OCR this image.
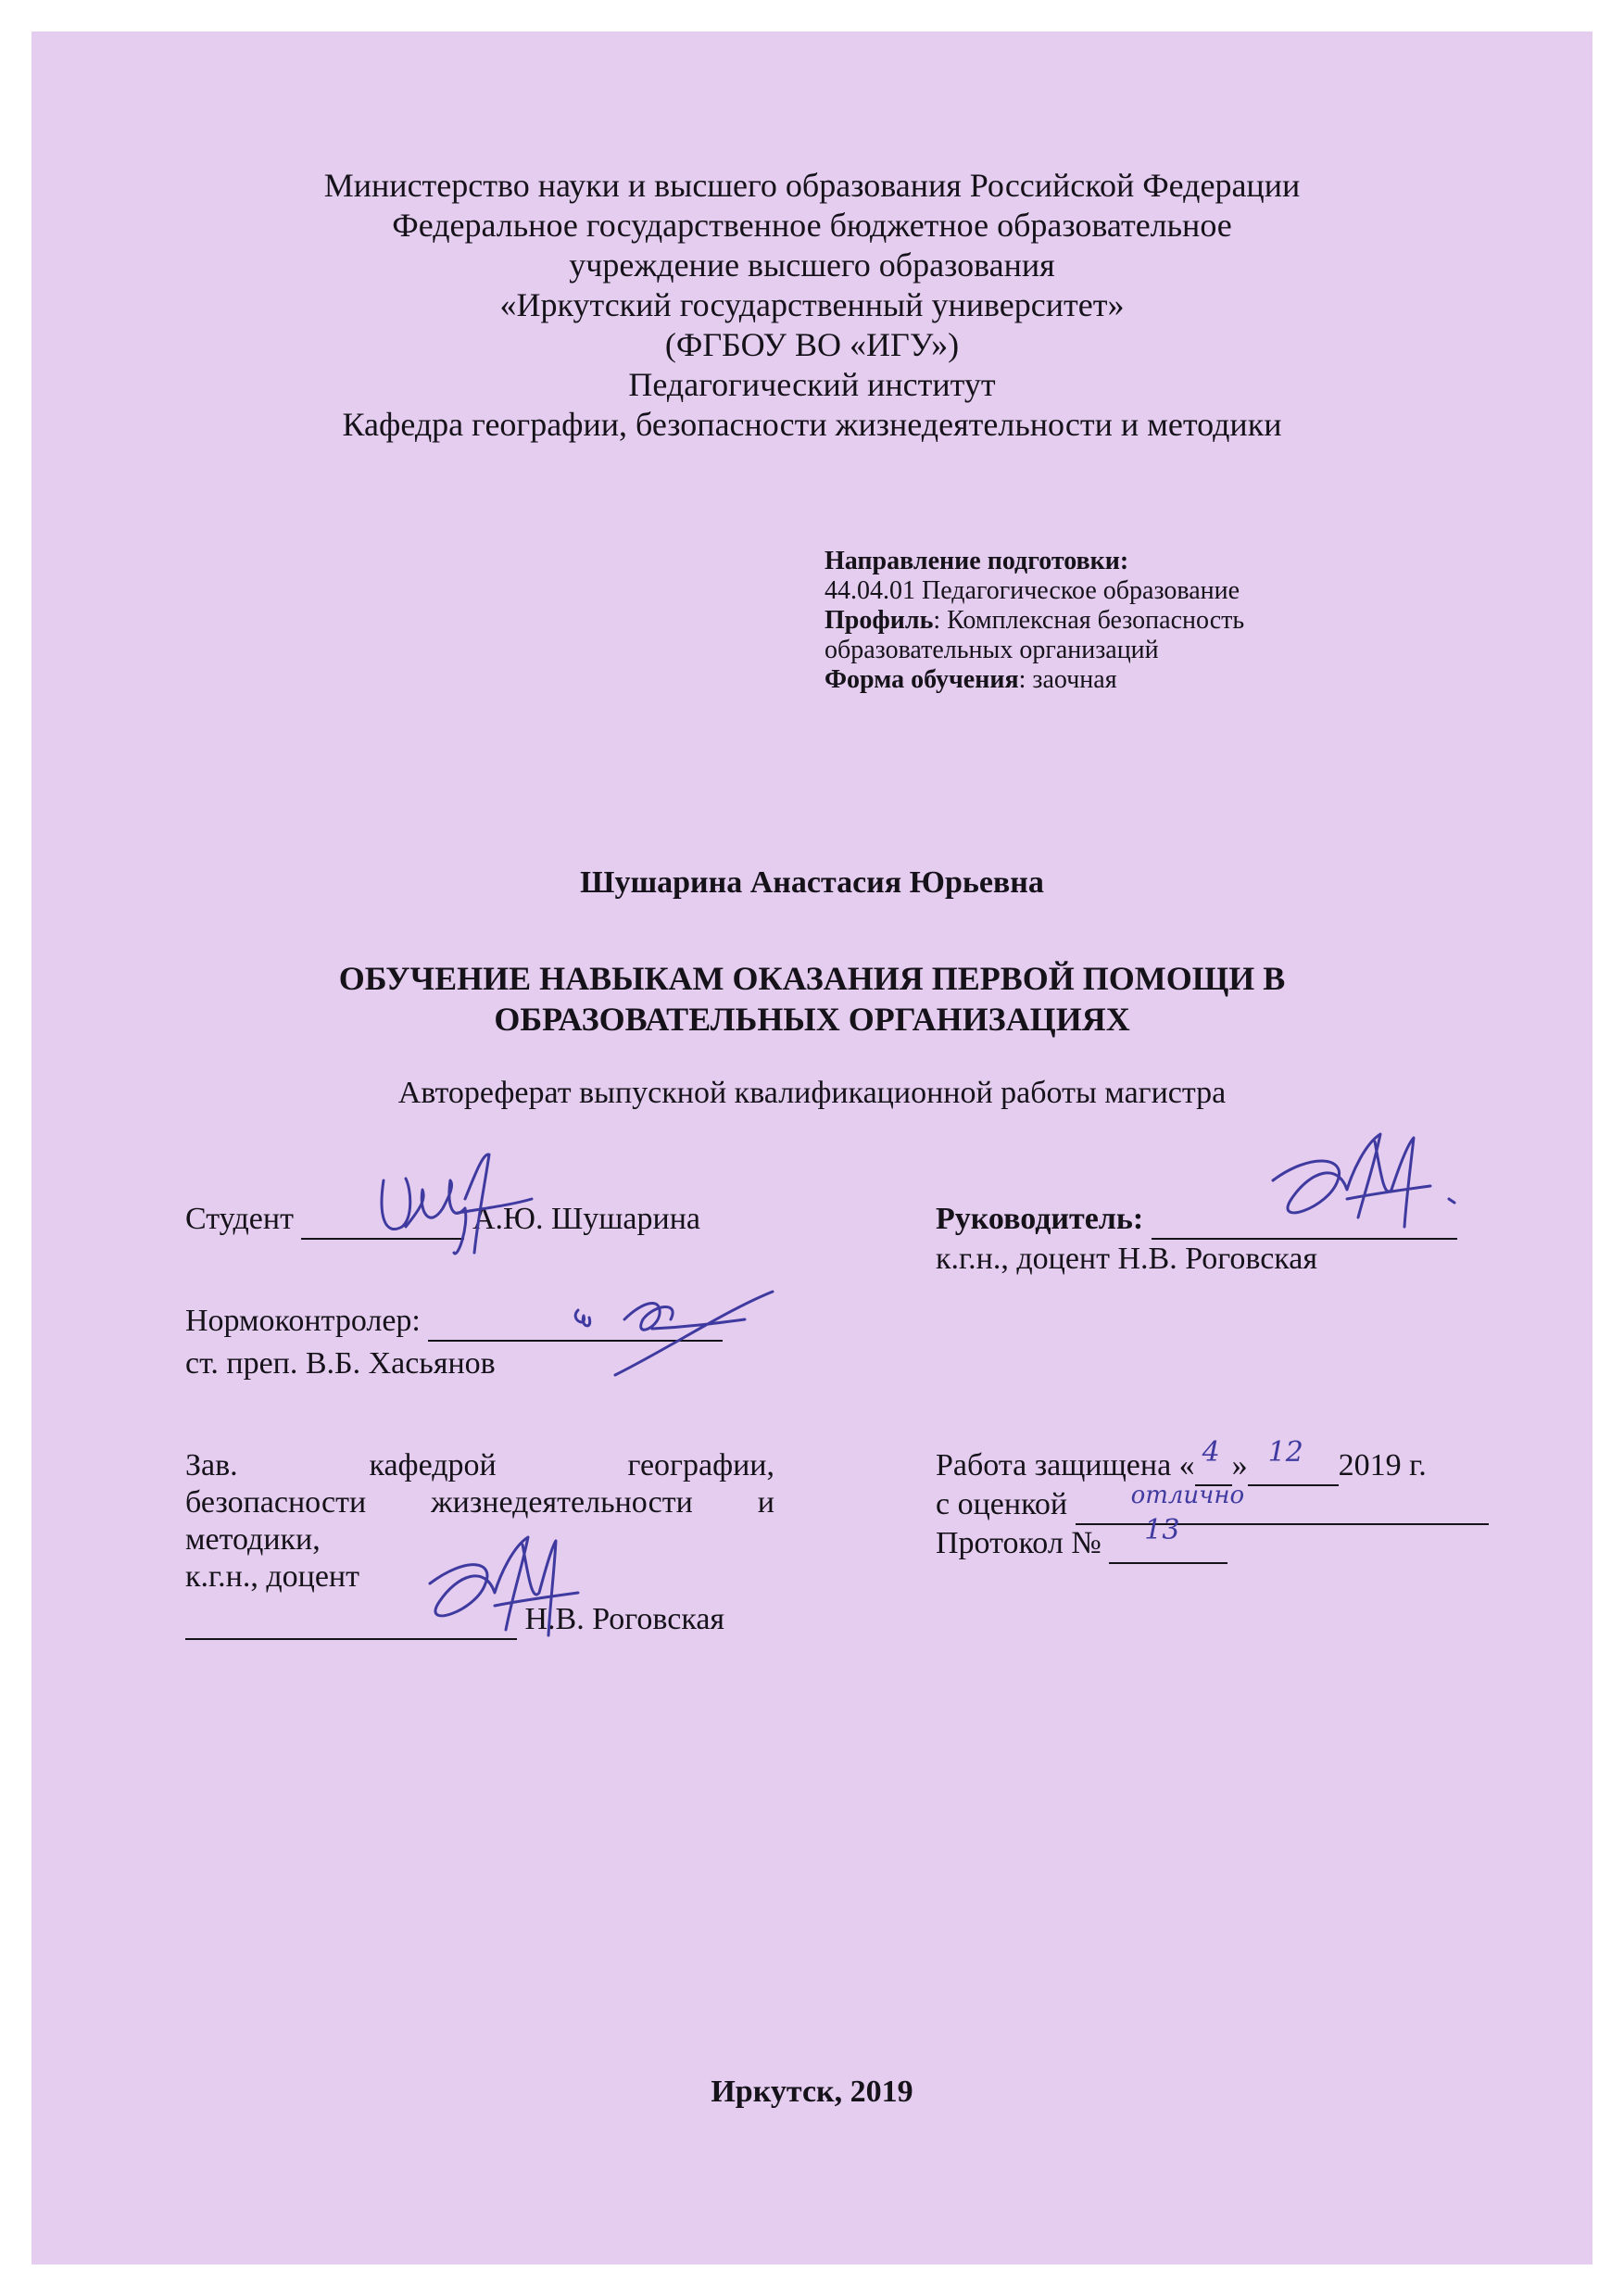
Министерство науки и высшего образования Российской Федерации
Федеральное государственное бюджетное образовательное
учреждение высшего образования
«Иркутский государственный университет»
(ФГБОУ ВО «ИГУ»)
Педагогический институт
Кафедра географии, безопасности жизнедеятельности и методики
Направление подготовки:
44.04.01 Педагогическое образование
Профиль: Комплексная безопасность
образовательных организаций
Форма обучения: заочная
Шушарина Анастасия Юрьевна
ОБУЧЕНИЕ НАВЫКАМ ОКАЗАНИЯ ПЕРВОЙ ПОМОЩИ В
ОБРАЗОВАТЕЛЬНЫХ ОРГАНИЗАЦИЯХ
Автореферат выпускной квалификационной работы магистра
Студент	А.Ю. Шушарина	Руководитель:
к.г.н., доцент Н.В. Роговская
Нормоконтролер:
ст. преп. В.Б. Хасьянов
Зав.	кафедрой	географии,
безопасности жизнедеятельности и
методики,
к.г.н., доцент
Н.В. Роговская
Работа защищена « 4 » 12 2019 г.
с оценкой	отлично

Протокол № 13

Иркутск, 2019
